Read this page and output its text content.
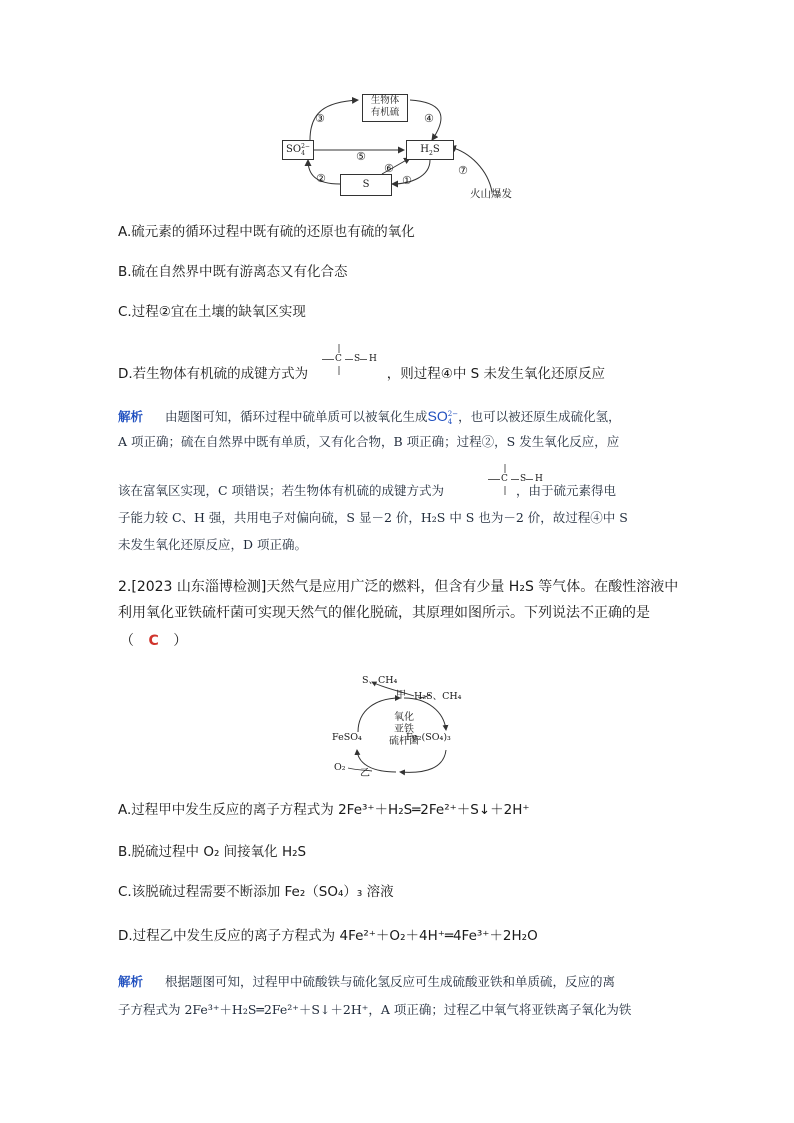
生物体
有机硫
SO2−
4	$H_2S$
S
③	④
⑤
②	①
⑥	⑦
火山爆发
A.硫元素的循环过程中既有硫的还原也有硫的氧化
B.硫在自然界中既有游离态又有化合态
C.过程②宜在土壤的缺氧区实现
D.若生物体有机硫的成键方式为	，则过程④中 S 未发生氧化还原反应
C S H
解析 由题图可知，循环过程中硫单质可以被氧化生成SO2−
4 ，也可以被还原生成硫化氢，
A 项正确；硫在自然界中既有单质，又有化合物，B 项正确；过程②，S 发生氧化反应，应
该在富氧区实现，C 项错误；若生物体有机硫的成键方式为	，由于硫元素得电
C S H
子能力较 C、H 强，共用电子对偏向硫，S 显－2 价，H₂S 中 S 也为－2 价，故过程④中 S
未发生氧化还原反应，D 项正确。
2.[2023 山东淄博检测]天然气是应用广泛的燃料，但含有少量 H₂S 等气体。在酸性溶液中
利用氧化亚铁硫杆菌可实现天然气的催化脱硫，其原理如图所示。下列说法不正确的是
（ C ）
S、CH₄
H₂S、CH₄
甲
氧化
亚铁
硫杆菌
FeSO₄	Fe₂(SO₄)₃
O₂
乙
A.过程甲中发生反应的离子方程式为 2Fe³⁺＋H₂S═2Fe²⁺＋S↓＋2H⁺
B.脱硫过程中 O₂ 间接氧化 H₂S
C.该脱硫过程需要不断添加 Fe₂（SO₄）₃ 溶液
D.过程乙中发生反应的离子方程式为 4Fe²⁺＋O₂＋4H⁺═4Fe³⁺＋2H₂O
解析 根据题图可知，过程甲中硫酸铁与硫化氢反应可生成硫酸亚铁和单质硫，反应的离
子方程式为 2Fe³⁺＋H₂S═2Fe²⁺＋S↓＋2H⁺，A 项正确；过程乙中氧气将亚铁离子氧化为铁
